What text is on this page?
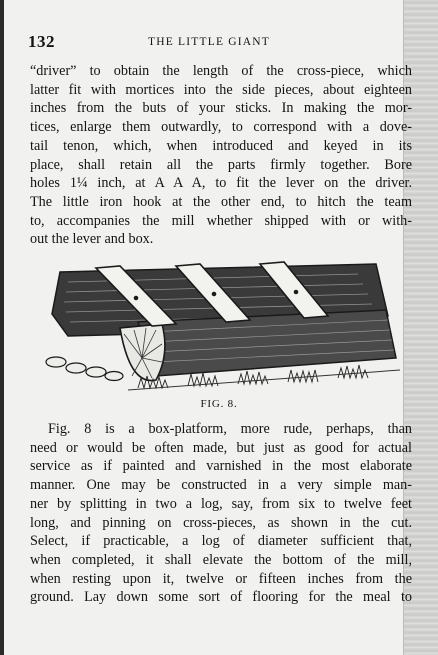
132	THE LITTLE GIANT
“driver” to obtain the length of the cross-piece, which
latter fit with mortices into the side pieces, about eighteen
inches from the buts of your sticks. In making the mor-
tices, enlarge them outwardly, to correspond with a dove-
tail tenon, which, when introduced and keyed in its
place, shall retain all the parts firmly together. Bore
holes 1¼ inch, at A A A, to fit the lever on the driver.
The little iron hook at the other end, to hitch the team
to, accompanies the mill whether shipped with or with-
out the lever and box.
FIG. 8.
Fig. 8 is a box-platform, more rude, perhaps, than
need or would be often made, but just as good for actual
service as if painted and varnished in the most elaborate
manner. One may be constructed in a very simple man-
ner by splitting in two a log, say, from six to twelve feet
long, and pinning on cross-pieces, as shown in the cut.
Select, if practicable, a log of diameter sufficient that,
when completed, it shall elevate the bottom of the mill,
when resting upon it, twelve or fifteen inches from the
ground. Lay down some sort of flooring for the meal to
